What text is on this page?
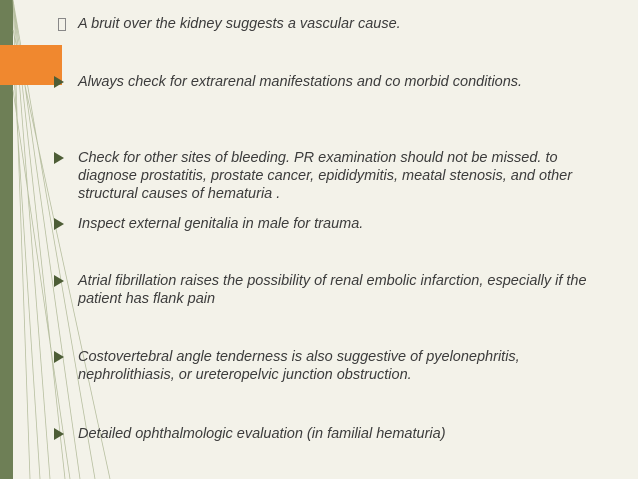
A bruit over the kidney suggests a vascular cause.
Always check for extrarenal manifestations and co morbid conditions.
Check for other sites of bleeding. PR examination should not be missed. to diagnose prostatitis, prostate cancer, epididymitis, meatal stenosis, and other structural causes of hematuria .
Inspect external genitalia in male for trauma.
Atrial fibrillation raises the possibility of renal embolic infarction, especially if the patient has flank pain
Costovertebral angle tenderness is also suggestive of pyelonephritis, nephrolithiasis, or ureteropelvic junction obstruction.
Detailed ophthalmologic evaluation (in familial hematuria)
